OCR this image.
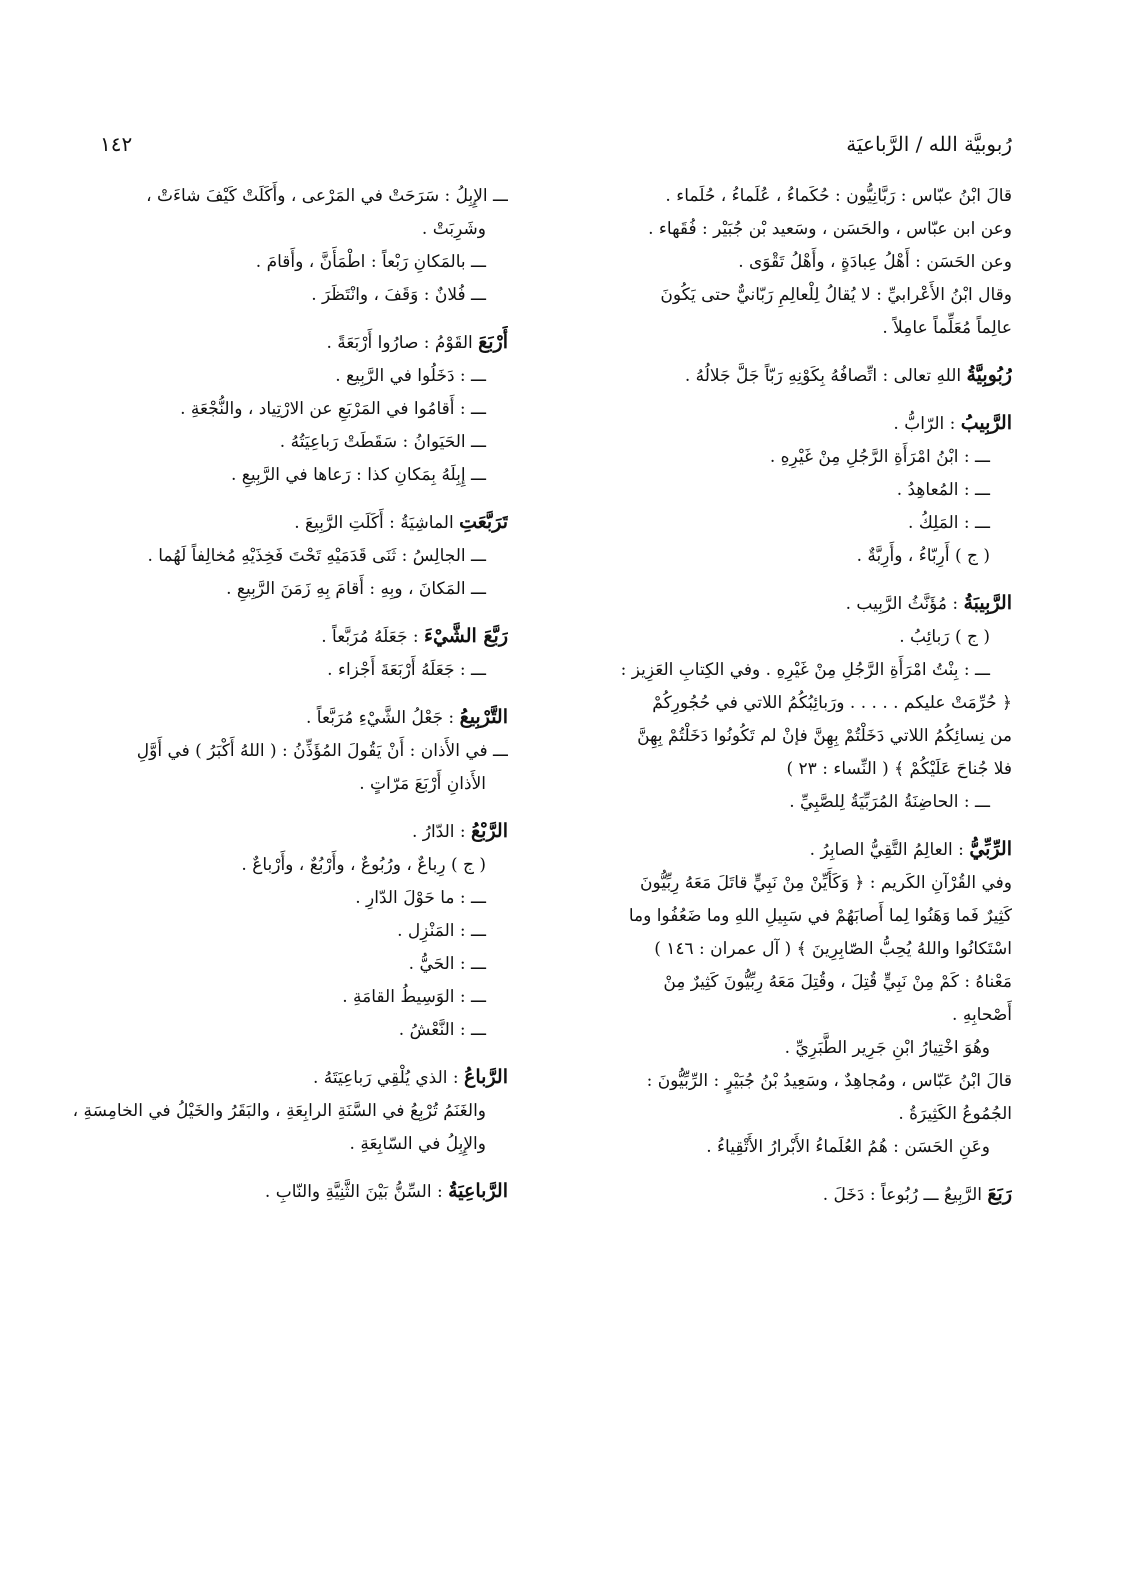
رُبوبيَّة الله / الرَّباعيَة
١٤٢
قالَ ابْنُ عبّاس : رَبَّانِيُّون : حُكَماءُ ، عُلَماءُ ، حُلَماء .
وعن ابن عبّاس ، والحَسَن ، وسَعيد بْن جُبَيْر : فُقَهاء .
وعن الحَسَن : أَهْلُ عِبادَةٍ ، وأَهْلُ تَقْوَى .
وقال ابْنُ الأَعْرابيِّ : لا يُقالُ لِلْعالِمِ رَبّانيٌّ حتى يَكُونَ
عالِماً مُعَلِّماً عامِلاً .
رُبُوبِيَّةُ اللهِ تعالى : اتِّصافُهُ بِكَوْنِهِ رَبّاً جَلَّ جَلالُهُ .
الرَّبِيبُ : الرّابُّ .
ـــ : ابْنُ امْرَأَةِ الرَّجُلِ مِنْ غَيْرِهِ .
ـــ : المُعاهِدُ .
ـــ : المَلِكُ .
( ج ) أَرِبّاءُ ، وأَرِبَّةٌ .
الرَّبِيبَةُ : مُؤَنَّثُ الرَّبِيب .
( ج ) رَبائِبُ .
ـــ : بِنْتُ امْرَأَةِ الرَّجُلِ مِنْ غَيْرِهِ . وفي الكِتابِ العَزِيز :
﴿ حُرِّمَتْ عليكم . . . . . ورَبائِبُكُمُ اللاتي في حُجُورِكُمْ
من نِسائِكُمُ اللاتي دَخَلْتُمْ بِهِنَّ فإنْ لم تَكُونُوا دَخَلْتُمْ بِهِنَّ
فلا جُناحَ عَلَيْكُمْ ﴾ ( النِّساء : ٢٣ )
ـــ : الحاضِنَةُ المُرَبِّيَةُ لِلصَّبِيِّ .
الرِّبِّيُّ : العالِمُ التَّقِيُّ الصابِرُ .
وفي القُرْآنِ الكَريم : ﴿ وَكَأَيِّنْ مِنْ نَبِيٍّ قاتَلَ مَعَهُ رِبِّيُّونَ
كَثِيرٌ فَما وَهَنُوا لِما أَصابَهُمْ في سَبِيلِ اللهِ وما ضَعُفُوا وما
اسْتَكانُوا واللهُ يُحِبُّ الصّابِرِينَ ﴾ ( آل عمران : ١٤٦ )
مَعْناهُ : كَمْ مِنْ نَبِيٍّ قُتِلَ ، وقُتِلَ مَعَهُ رِبِّيُّونَ كَثِيرٌ مِنْ
أَصْحابِهِ .
وهُوَ اخْتِيارُ ابْنِ جَرِير الطَّبَرِيِّ .
قالَ ابْنُ عَبّاس ، ومُجاهِدٌ ، وسَعِيدُ بْنُ جُبَيْرٍ : الرِّبِّيُّونَ :
الجُمُوعُ الكَثِيرَةُ .
وعَنِ الحَسَن : هُمُ العُلَماءُ الأَبْرارُ الأَتْقِياءُ .
رَبَعَ الرَّبِيعُ ـــ رُبُوعاً : دَخَلَ .
ـــ الإِبِلُ : سَرَحَتْ في المَرْعى ، وأَكَلَتْ كَيْفَ شاءَتْ ،
وشَرِبَتْ .
ـــ بالمَكانِ رَبْعاً : اطْمَأَنَّ ، وأَقامَ .
ـــ فُلانٌ : وَقَفَ ، وانْتَظَرَ .
أَرْبَعَ القَوْمُ : صارُوا أَرْبَعَةً .
ـــ : دَخَلُوا في الرَّبِيع .
ـــ : أَقامُوا في المَرْبَعِ عن الارْتِياد ، والنُّجْعَةِ .
ـــ الحَيَوانُ : سَقَطَتْ رَباعِيَتُهُ .
ـــ إِبِلَهُ بِمَكانِ كذا : رَعاها في الرَّبِيعِ .
تَرَبَّعَتِ الماشِيَةُ : أَكَلَتِ الرَّبِيعَ .
ـــ الجالِسُ : ثَنَى قَدَمَيْهِ تَحْتَ فَخِذَيْهِ مُخالِفاً لَهُما .
ـــ المَكانَ ، وبِهِ : أَقامَ بِهِ زَمَنَ الرَّبِيعِ .
رَبَّعَ الشَّيْءَ : جَعَلَهُ مُرَبَّعاً .
ـــ : جَعَلَهُ أَرْبَعَةَ أَجْزاء .
التَّرْبِيعُ : جَعْلُ الشَّيْءِ مُرَبَّعاً .
ـــ في الأَذان : أَنْ يَقُولَ المُؤَذِّنُ : ( اللهُ أَكْبَرُ ) في أَوَّلِ
الأَذانِ أَرْبَعَ مَرّاتٍ .
الرَّبْعُ : الدّارُ .
( ج ) رِباعٌ ، ورُبُوعٌ ، وأَرْبُعٌ ، وأَرْباعٌ .
ـــ : ما حَوْلَ الدّارِ .
ـــ : المَنْزِل .
ـــ : الحَيُّ .
ـــ : الوَسِيطُ القامَةِ .
ـــ : النَّعْشُ .
الرَّباعُ : الذي يُلْقِي رَباعِيَتَهُ .
والغَنَمُ تُرْبِعُ في السَّنَةِ الرابِعَةِ ، والبَقَرُ والخَيْلُ في الخامِسَةِ ،
والإِبِلُ في السّابِعَةِ .
الرَّباعِيَةُ : السِّنُّ بَيْنَ الثَّنِيَّةِ والنّابِ .
